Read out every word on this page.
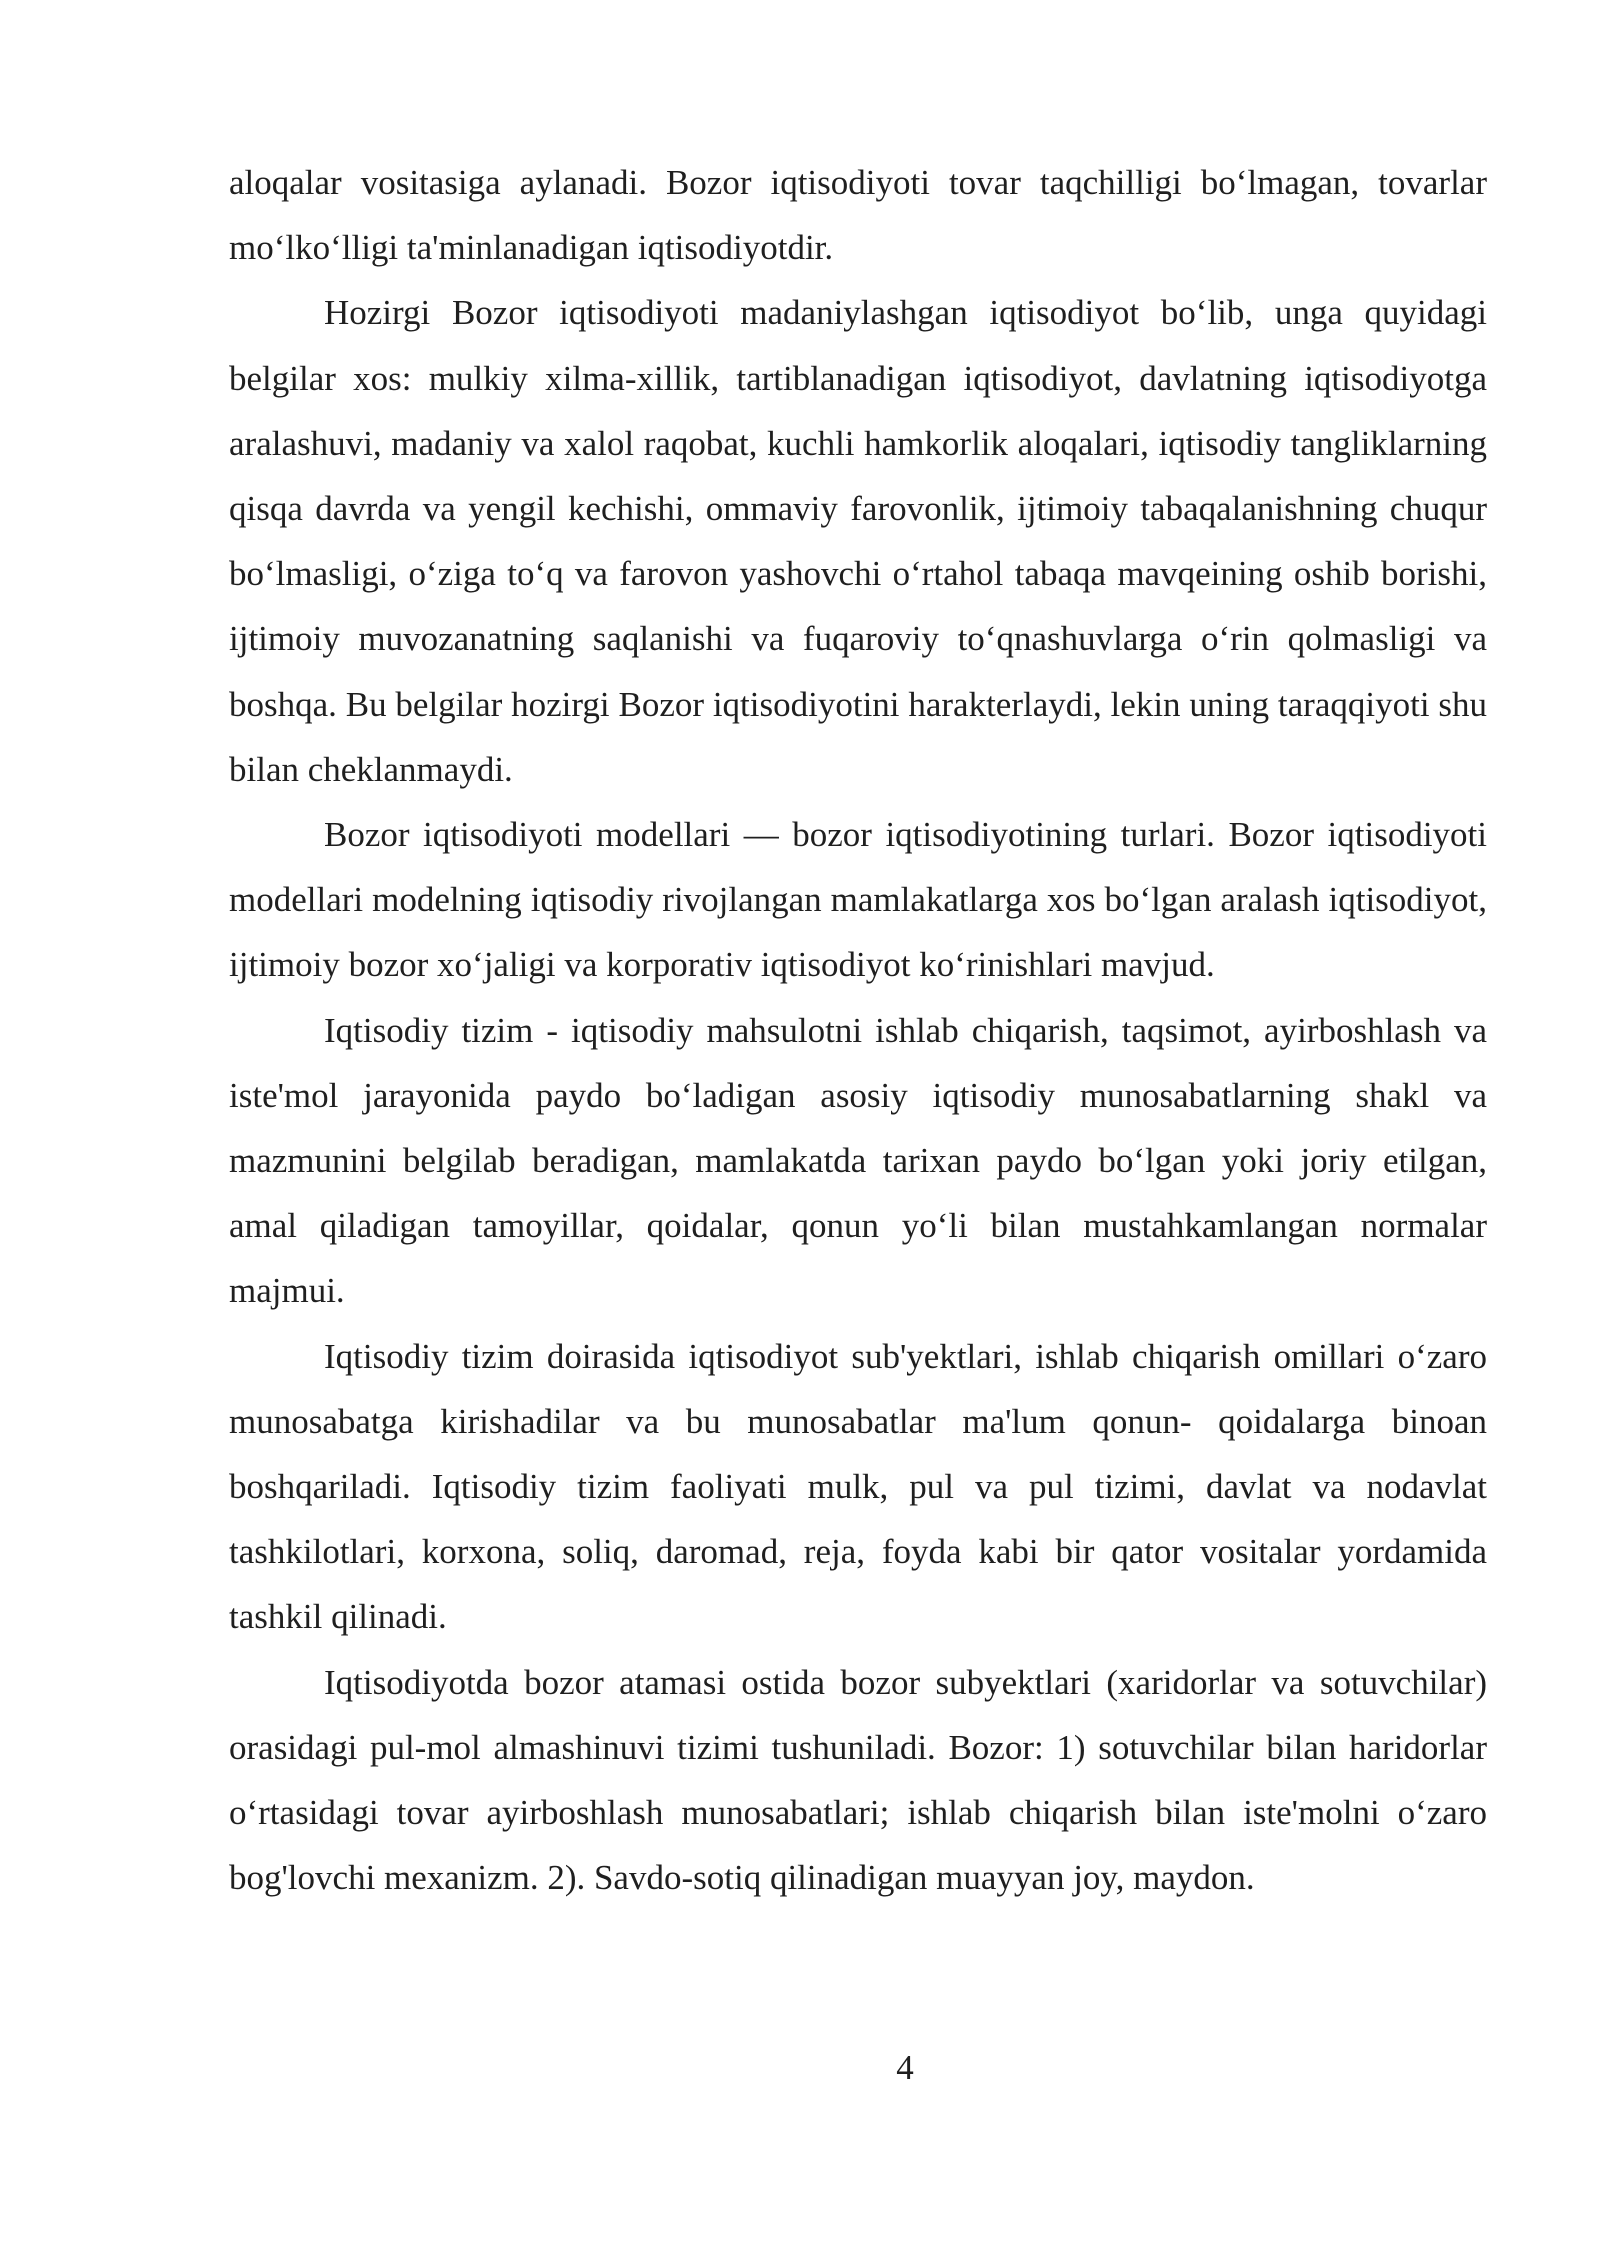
aloqalar vositasiga aylanadi. Bozor iqtisodiyoti tovar taqchilligi boʻlmagan, tovarlar moʻlkoʻlligi ta'minlanadigan iqtisodiyotdir.

Hozirgi Bozor iqtisodiyoti madaniylashgan iqtisodiyot boʻlib, unga quyidagi belgilar xos: mulkiy xilma-xillik, tartiblanadigan iqtisodiyot, davlatning iqtisodiyotga aralashuvi, madaniy va xalol raqobat, kuchli hamkorlik aloqalari, iqtisodiy tangliklarning qisqa davrda va yengil kechishi, ommaviy farovonlik, ijtimoiy tabaqalanishning chuqur boʻlmasligi, oʻziga toʻq va farovon yashovchi oʻrtahol tabaqa mavqeining oshib borishi, ijtimoiy muvozanatning saqlanishi va fuqaroviy toʻqnashuvlarga oʻrin qolmasligi va boshqa. Bu belgilar hozirgi Bozor iqtisodiyotini harakterlaydi, lekin uning taraqqiyoti shu bilan cheklanmaydi.

Bozor iqtisodiyoti modellari — bozor iqtisodiyotining turlari. Bozor iqtisodiyoti modellari modelning iqtisodiy rivojlangan mamlakatlarga xos boʻlgan aralash iqtisodiyot, ijtimoiy bozor xoʻjaligi va korporativ iqtisodiyot koʻrinishlari mavjud.

Iqtisodiy tizim - iqtisodiy mahsulotni ishlab chiqarish, taqsimot, ayirboshlash va iste'mol jarayonida paydo boʻladigan asosiy iqtisodiy munosabatlarning shakl va mazmunini belgilab beradigan, mamlakatda tarixan paydo boʻlgan yoki joriy etilgan, amal qiladigan tamoyillar, qoidalar, qonun yoʻli bilan mustahkamlangan normalar majmui.

Iqtisodiy tizim doirasida iqtisodiyot sub'yektlari, ishlab chiqarish omillari oʻzaro munosabatga kirishadilar va bu munosabatlar ma'lum qonun- qoidalarga binoan boshqariladi. Iqtisodiy tizim faoliyati mulk, pul va pul tizimi, davlat va nodavlat tashkilotlari, korxona, soliq, daromad, reja, foyda kabi bir qator vositalar yordamida tashkil qilinadi.

Iqtisodiyotda bozor atamasi ostida bozor subyektlari (xaridorlar va sotuvchilar) orasidagi pul-mol almashinuvi tizimi tushuniladi. Bozor: 1) sotuvchilar bilan haridorlar oʻrtasidagi tovar ayirboshlash munosabatlari; ishlab chiqarish bilan iste'molni oʻzaro bog'lovchi mexanizm. 2). Savdo-sotiq qilinadigan muayyan joy, maydon.

4
